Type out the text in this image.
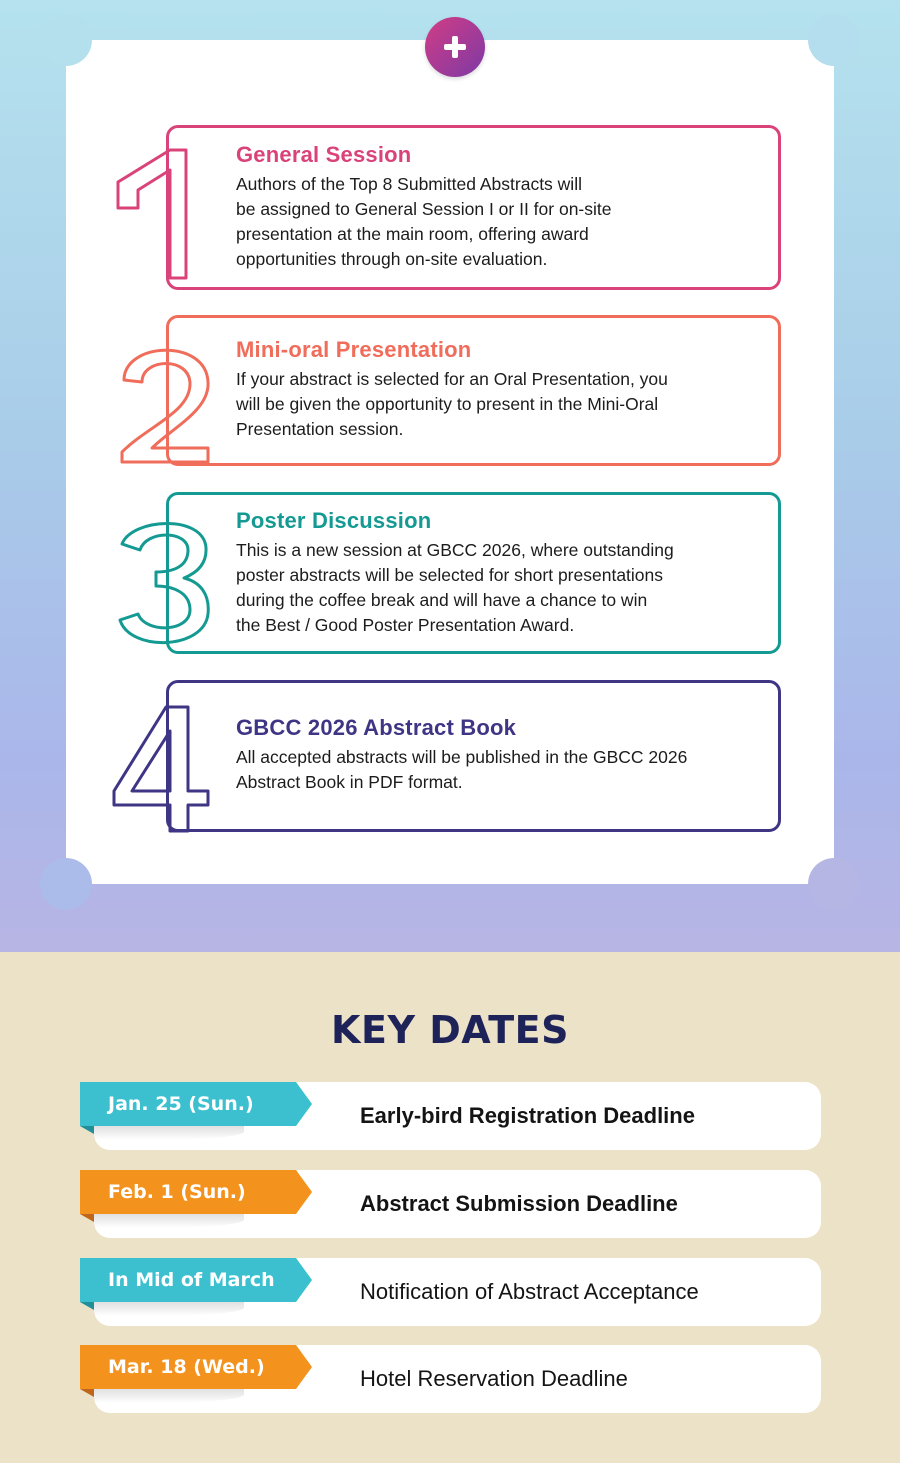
General Session
Authors of the Top 8 Submitted Abstracts will
be assigned to General Session I or II for on-site
presentation at the main room, offering award
opportunities through on-site evaluation.
Mini-oral Presentation
If your abstract is selected for an Oral Presentation, you
will be given the opportunity to present in the Mini-Oral
Presentation session.
Poster Discussion
This is a new session at GBCC 2026, where outstanding
poster abstracts will be selected for short presentations
during the coffee break and will have a chance to win
the Best / Good Poster Presentation Award.
GBCC 2026 Abstract Book
All accepted abstracts will be published in the GBCC 2026
Abstract Book in PDF format.
KEY DATES
Jan. 25 (Sun.)	Early-bird Registration Deadline
Feb. 1 (Sun.)	Abstract Submission Deadline
In Mid of March	Notification of Abstract Acceptance
Mar. 18 (Wed.)	Hotel Reservation Deadline
